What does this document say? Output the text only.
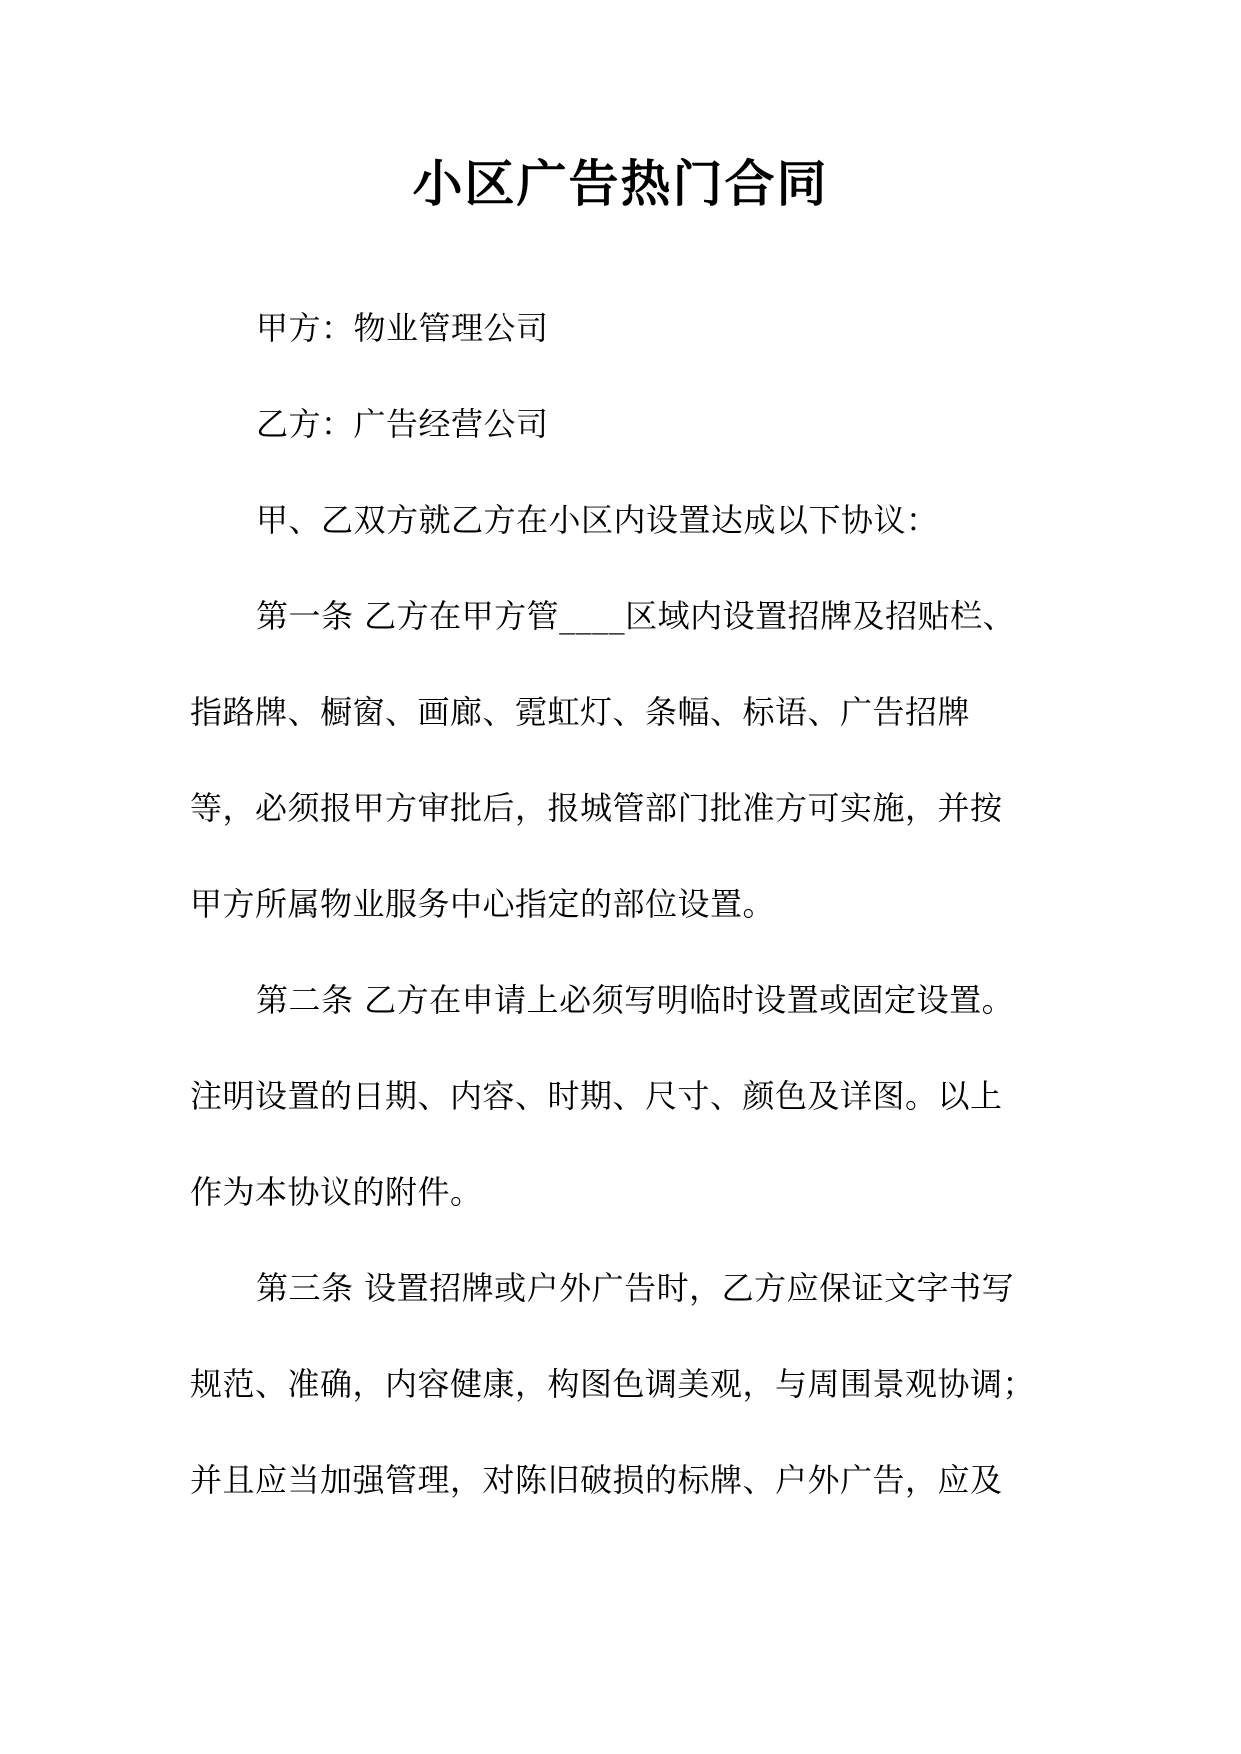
小区广告热门合同
甲方：物业管理公司
乙方：广告经营公司
甲、乙双方就乙方在小区内设置达成以下协议：
第一条 乙方在甲方管____区域内设置招牌及招贴栏、
指路牌、橱窗、画廊、霓虹灯、条幅、标语、广告招牌
等，必须报甲方审批后，报城管部门批准方可实施，并按
甲方所属物业服务中心指定的部位设置。
第二条 乙方在申请上必须写明临时设置或固定设置。
注明设置的日期、内容、时期、尺寸、颜色及详图。以上
作为本协议的附件。
第三条 设置招牌或户外广告时，乙方应保证文字书写
规范、准确，内容健康，构图色调美观，与周围景观协调；
并且应当加强管理，对陈旧破损的标牌、户外广告，应及
